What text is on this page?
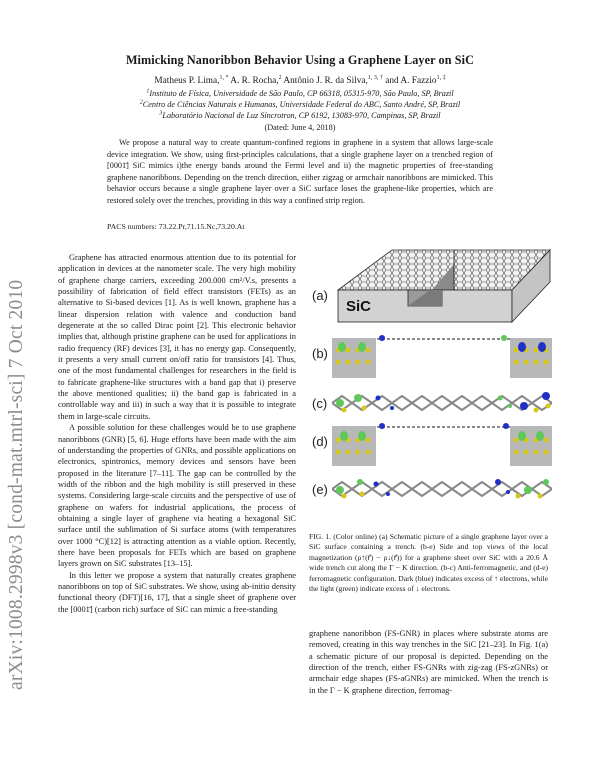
arXiv:1008.2998v3 [cond-mat.mtrl-sci] 7 Oct 2010
Mimicking Nanoribbon Behavior Using a Graphene Layer on SiC
Matheus P. Lima,$^{1, *}$ A. R. Rocha,$^2$ Antônio J. R. da Silva,$^{1, 3, \dagger}$ and A. Fazzio$^{1, \ddagger}$
$^1$Instituto de Física, Universidade de São Paulo, CP 66318, 05315-970, São Paulo, SP, Brazil
$^2$Centro de Ciências Naturais e Humanas, Universidade Federal do ABC, Santo André, SP, Brazil
$^3$Laboratório Nacional de Luz Síncrotron, CP 6192, 13083-970, Campinas, SP, Brazil
(Dated: June 4, 2018)
We propose a natural way to create quantum-confined regions in graphene in a system that allows large-scale device integration. We show, using first-principles calculations, that a single graphene layer on a trenched region of [0001̄] SiC mimics i)the energy bands around the Fermi level and ii) the magnetic properties of free-standing graphene nanoribbons. Depending on the trench direction, either zigzag or armchair nanoribbons are mimicked. This behavior occurs because a single graphene layer over a SiC surface loses the graphene-like properties, which are restored solely over the trenches, providing in this way a confined strip region.
PACS numbers: 73.22.Pr,71.15.Nc,73.20.At

Graphene has attracted enormous attention due to its potential for application in devices at the nanometer scale. The very high mobility of graphene charge carriers, exceeding 200.000 cm²/V.s, presents a possibility of fabrication of field effect transistors (FETs) as an alternative to Si-based devices [1]. As is well known, graphene has a linear dispersion relation with valence and conduction band degenerate at the so called Dirac point [2]. This electronic behavior implies that, although pristine graphene can be used for applications in radio frequency (RF) devices [3], it has no energy gap. Consequently, it presents a very small current on/off ratio for transistors [4]. Thus, one of the most fundamental challenges for researchers in the field is to fabricate graphene-like structures with a band gap that i) preserve the above mentioned qualities; ii) the band gap is fabricated in a controllable way and iii) in such a way that it is possible to integrate them in large-scale circuits.

A possible solution for these challenges would be to use graphene nanoribbons (GNR) [5, 6]. Huge efforts have been made with the aim of understanding the properties of GNRs, and possible applications on electronics, spintronics, memory devices and sensors have been proposed in the literature [7–11]. The gap can be controlled by the width of the ribbon and the high mobility is still preserved in these systems. Considering large-scale circuits and the perspective of use of graphene on wafers for industrial applications, the process of obtaining a single layer of graphene via heating a hexagonal SiC surface until the sublimation of Si surface atoms (with temperatures over 1000 °C)[12] is attracting attention as a viable option. Recently, there have been proposals for FETs which are based on graphene layers grown on SiC substrates [13–15].

In this letter we propose a system that naturally creates graphene nanoribbons on top of SiC substrates. We show, using ab-initio density functional theory (DFT)[16, 17], that a single sheet of graphene over the [0001̄] (carbon rich) surface of SiC can mimic a free-standing

(a)
SiC
(b)
(c)
(d)
(e)
FIG. 1. (Color online) (a) Schematic picture of a single graphene layer over a SiC surface containing a trench. (b-e) Side and top views of the local magnetization (ρ↑(r⃗) − ρ↓(r⃗)) for a graphene sheet over SiC with a 20.6 Å wide trench cut along the Γ − K direction. (b-c) Anti-ferromagnetic, and (d-e) ferromagnetic configuration. Dark (blue) indicates excess of ↑ electrons, while the light (green) indicate excess of ↓ electrons.

graphene nanoribbon (FS-GNR) in places where substrate atoms are removed, creating in this way trenches in the SiC [21–23]. In Fig. 1(a) a schematic picture of our proposal is depicted. Depending on the direction of the trench, either FS-GNRs with zig-zag (FS-zGNRs) or armchair edge shapes (FS-aGNRs) are mimicked. When the trench is in the Γ − K graphene direction, ferromag-
